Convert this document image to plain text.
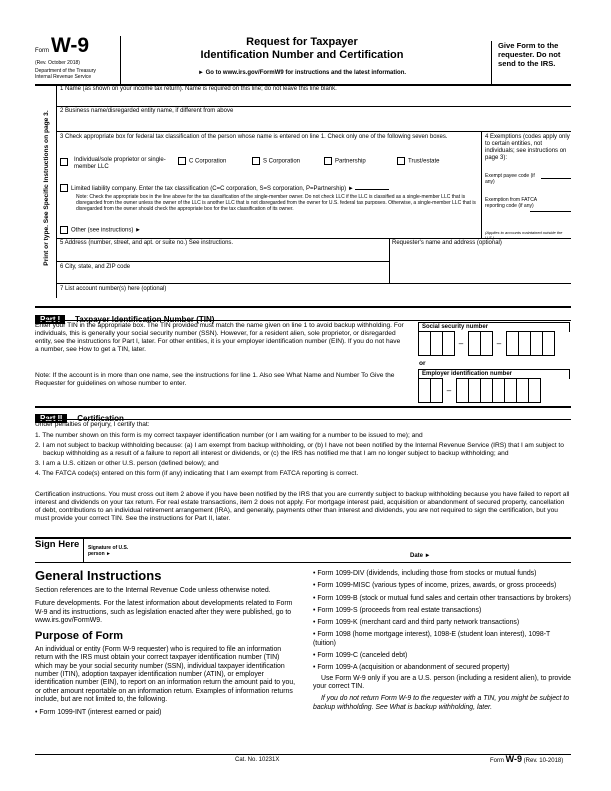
Form W-9
(Rev. October 2018)
Department of the Treasury
Internal Revenue Service
Request for Taxpayer
Identification Number and Certification
► Go to www.irs.gov/FormW9 for instructions and the latest information.
Give Form to the requester. Do not send to the IRS.
Print or type. See Specific Instructions on page 3.
1 Name (as shown on your income tax return). Name is required on this line; do not leave this line blank.
2 Business name/disregarded entity name, if different from above
3 Check appropriate box for federal tax classification of the person whose name is entered on line 1. Check only one of the following seven boxes.
Individual/sole proprietor or single-member LLC
C Corporation	S Corporation	Partnership	Trust/estate
Limited liability company. Enter the tax classification (C=C corporation, S=S corporation, P=Partnership) ►
Note: Check the appropriate box in the line above for the tax classification of the single-member owner. Do not check LLC if the LLC is classified as a single-member LLC that is disregarded from the owner unless the owner of the LLC is another LLC that is not disregarded from the owner for U.S. federal tax purposes. Otherwise, a single-member LLC that is disregarded from the owner should check the appropriate box for the tax classification of its owner.
Other (see instructions) ►
4 Exemptions (codes apply only to certain entities, not individuals; see instructions on page 3):
Exempt payee code (if any)
Exemption from FATCA reporting code (if any)
(Applies to accounts maintained outside the U.S.)
5 Address (number, street, and apt. or suite no.) See instructions.	Requester's name and address (optional)
6 City, state, and ZIP code
7 List account number(s) here (optional)
Part I Taxpayer Identification Number (TIN)
Enter your TIN in the appropriate box. The TIN provided must match the name given on line 1 to avoid backup withholding. For individuals, this is generally your social security number (SSN). However, for a resident alien, sole proprietor, or disregarded entity, see the instructions for Part I, later. For other entities, it is your employer identification number (EIN). If you do not have a number, see How to get a TIN, later.
Note: If the account is in more than one name, see the instructions for line 1. Also see What Name and Number To Give the Requester for guidelines on whose number to enter.
Social security number
–	–
or
Employer identification number
–
Part II Certification
Under penalties of perjury, I certify that:
1. The number shown on this form is my correct taxpayer identification number (or I am waiting for a number to be issued to me); and
2. I am not subject to backup withholding because: (a) I am exempt from backup withholding, or (b) I have not been notified by the Internal Revenue Service (IRS) that I am subject to backup withholding as a result of a failure to report all interest or dividends, or (c) the IRS has notified me that I am no longer subject to backup withholding; and
3. I am a U.S. citizen or other U.S. person (defined below); and
4. The FATCA code(s) entered on this form (if any) indicating that I am exempt from FATCA reporting is correct.
Certification instructions. You must cross out item 2 above if you have been notified by the IRS that you are currently subject to backup withholding because you have failed to report all interest and dividends on your tax return. For real estate transactions, item 2 does not apply. For mortgage interest paid, acquisition or abandonment of secured property, cancellation of debt, contributions to an individual retirement arrangement (IRA), and generally, payments other than interest and dividends, you are not required to sign the certification, but you must provide your correct TIN. See the instructions for Part II, later.
Sign Here Signature of U.S. person ►	Date ►
General Instructions

Section references are to the Internal Revenue Code unless otherwise noted.

Future developments. For the latest information about developments related to Form W-9 and its instructions, such as legislation enacted after they were published, go to www.irs.gov/FormW9.

Purpose of Form

An individual or entity (Form W-9 requester) who is required to file an information return with the IRS must obtain your correct taxpayer identification number (TIN) which may be your social security number (SSN), individual taxpayer identification number (ITIN), adoption taxpayer identification number (ATIN), or employer identification number (EIN), to report on an information return the amount paid to you, or other amount reportable on an information return. Examples of information returns include, but are not limited to, the following.

• Form 1099-INT (interest earned or paid)
• Form 1099-DIV (dividends, including those from stocks or mutual funds)
• Form 1099-MISC (various types of income, prizes, awards, or gross proceeds)
• Form 1099-B (stock or mutual fund sales and certain other transactions by brokers)
• Form 1099-S (proceeds from real estate transactions)
• Form 1099-K (merchant card and third party network transactions)
• Form 1098 (home mortgage interest), 1098-E (student loan interest), 1098-T (tuition)
• Form 1099-C (canceled debt)
• Form 1099-A (acquisition or abandonment of secured property)
Use Form W-9 only if you are a U.S. person (including a resident alien), to provide your correct TIN.
If you do not return Form W-9 to the requester with a TIN, you might be subject to backup withholding. See What is backup withholding, later.
Cat. No. 10231X	Form W-9 (Rev. 10-2018)
